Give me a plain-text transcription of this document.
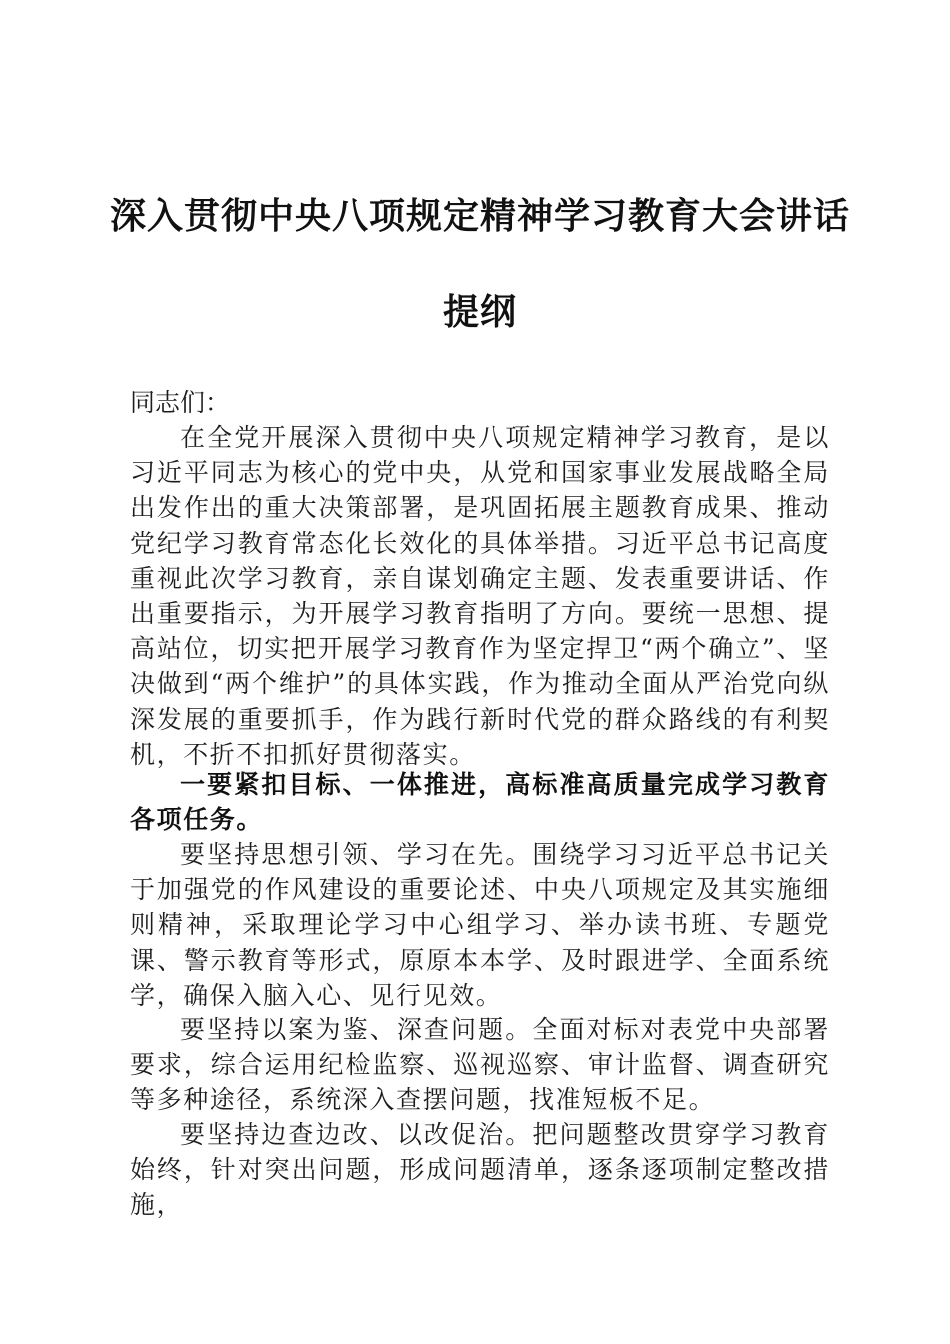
深入贯彻中央八项规定精神学习教育大会讲话
提纲
同志们：

在全党开展深入贯彻中央八项规定精神学习教育，是以习近平同志为核心的党中央，从党和国家事业发展战略全局出发作出的重大决策部署，是巩固拓展主题教育成果、推动党纪学习教育常态化长效化的具体举措。习近平总书记高度重视此次学习教育，亲自谋划确定主题、发表重要讲话、作出重要指示，为开展学习教育指明了方向。要统一思想、提高站位，切实把开展学习教育作为坚定捍卫“两个确立”、坚决做到“两个维护”的具体实践，作为推动全面从严治党向纵深发展的重要抓手，作为践行新时代党的群众路线的有利契机，不折不扣抓好贯彻落实。

一要紧扣目标、一体推进，高标准高质量完成学习教育各项任务。

要坚持思想引领、学习在先。围绕学习习近平总书记关于加强党的作风建设的重要论述、中央八项规定及其实施细则精神，采取理论学习中心组学习、举办读书班、专题党课、警示教育等形式，原原本本学、及时跟进学、全面系统学，确保入脑入心、见行见效。

要坚持以案为鉴、深查问题。全面对标对表党中央部署要求，综合运用纪检监察、巡视巡察、审计监督、调查研究等多种途径，系统深入查摆问题，找准短板不足。

要坚持边查边改、以改促治。把问题整改贯穿学习教育始终，针对突出问题，形成问题清单，逐条逐项制定整改措施，
